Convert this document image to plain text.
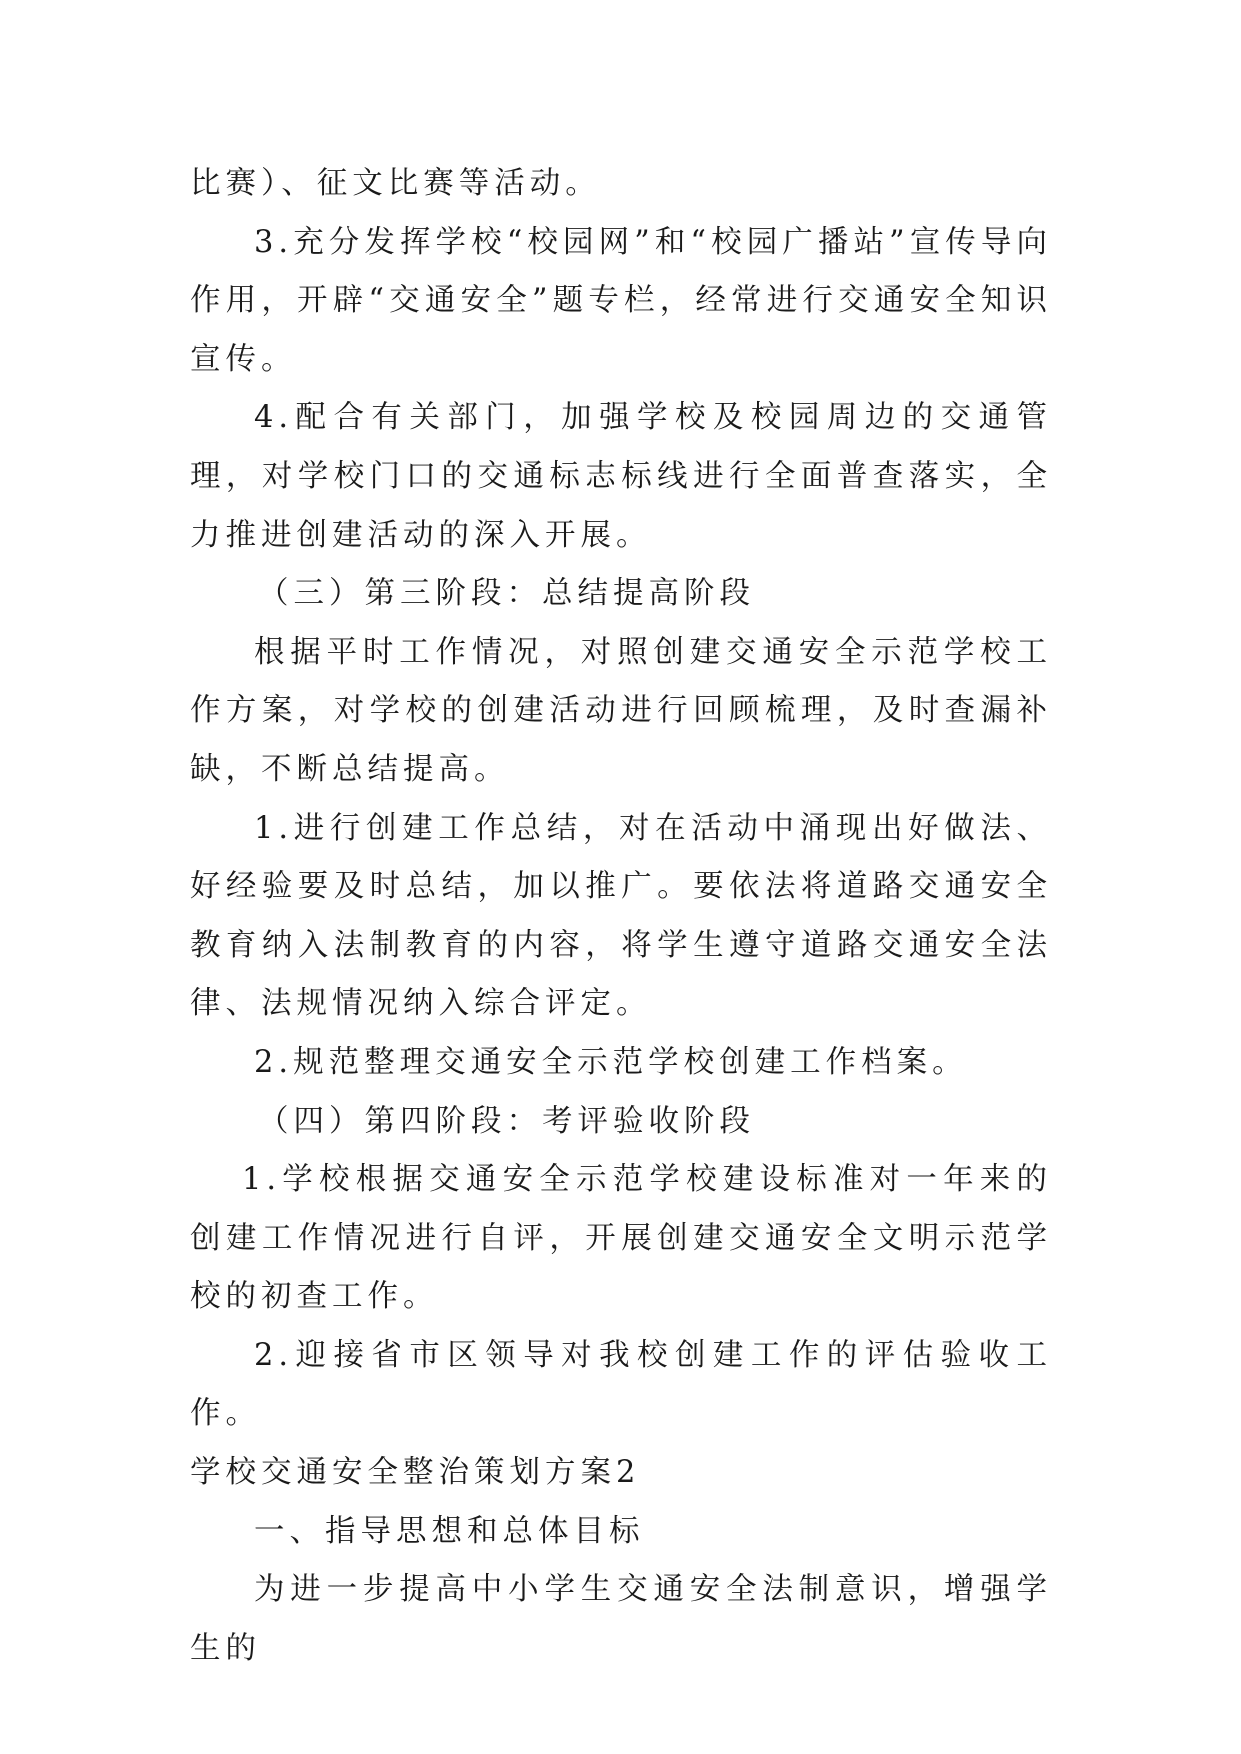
比赛）、征文比赛等活动。

3.充分发挥学校“校园网”和“校园广播站”宣传导向作用，开辟“交通安全”题专栏，经常进行交通安全知识宣传。

4.配合有关部门，加强学校及校园周边的交通管理，对学校门口的交通标志标线进行全面普查落实，全力推进创建活动的深入开展。

（三）第三阶段：总结提高阶段

根据平时工作情况，对照创建交通安全示范学校工作方案，对学校的创建活动进行回顾梳理，及时查漏补缺，不断总结提高。

1.进行创建工作总结，对在活动中涌现出好做法、好经验要及时总结，加以推广。要依法将道路交通安全教育纳入法制教育的内容，将学生遵守道路交通安全法律、法规情况纳入综合评定。

2.规范整理交通安全示范学校创建工作档案。

（四）第四阶段：考评验收阶段

1.学校根据交通安全示范学校建设标准对一年来的创建工作情况进行自评，开展创建交通安全文明示范学校的初查工作。

2.迎接省市区领导对我校创建工作的评估验收工作。

学校交通安全整治策划方案2

一、指导思想和总体目标

为进一步提高中小学生交通安全法制意识，增强学生的
